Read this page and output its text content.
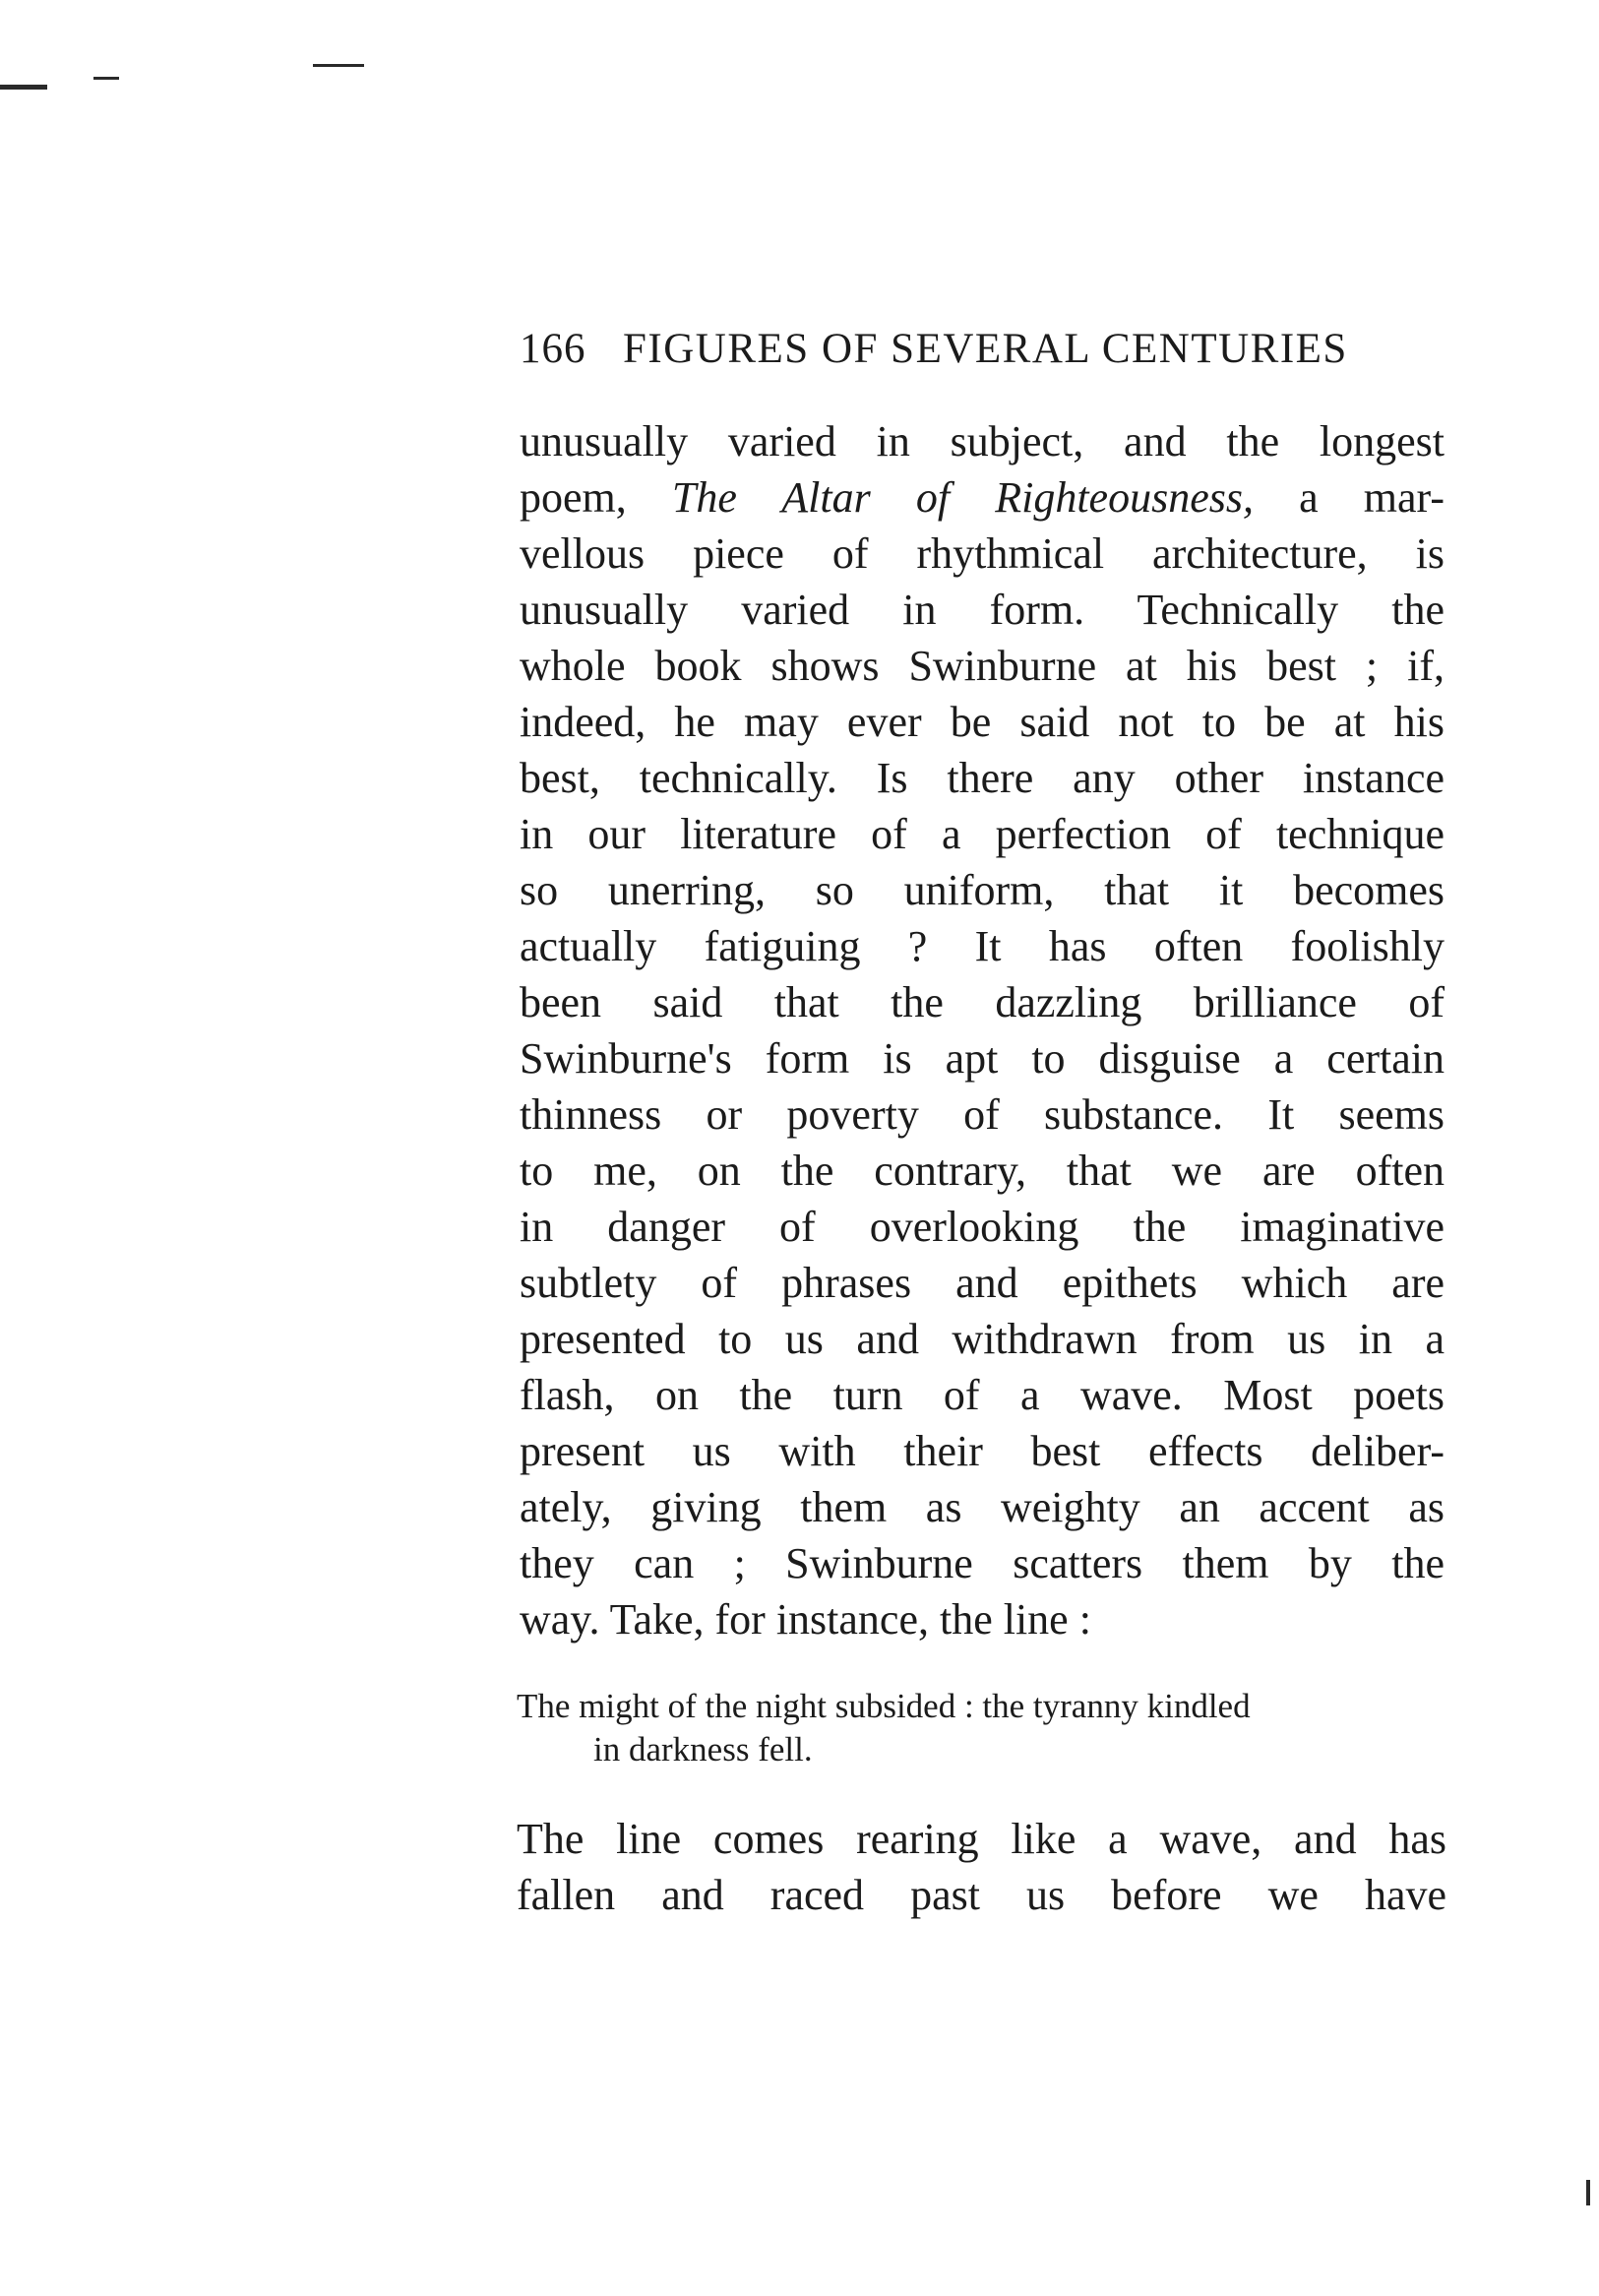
166 FIGURES OF SEVERAL CENTURIES
unusually varied in subject, and the longest
poem, The Altar of Righteousness, a mar-
vellous piece of rhythmical architecture, is
unusually varied in form. Technically the
whole book shows Swinburne at his best ; if,
indeed, he may ever be said not to be at his
best, technically. Is there any other instance
in our literature of a perfection of technique
so unerring, so uniform, that it becomes
actually fatiguing ? It has often foolishly
been said that the dazzling brilliance of
Swinburne's form is apt to disguise a certain
thinness or poverty of substance. It seems
to me, on the contrary, that we are often
in danger of overlooking the imaginative
subtlety of phrases and epithets which are
presented to us and withdrawn from us in a
flash, on the turn of a wave. Most poets
present us with their best effects deliber-
ately, giving them as weighty an accent as
they can ; Swinburne scatters them by the
way. Take, for instance, the line :
The might of the night subsided : the tyranny kindled
in darkness fell.
The line comes rearing like a wave, and has
fallen and raced past us before we have
